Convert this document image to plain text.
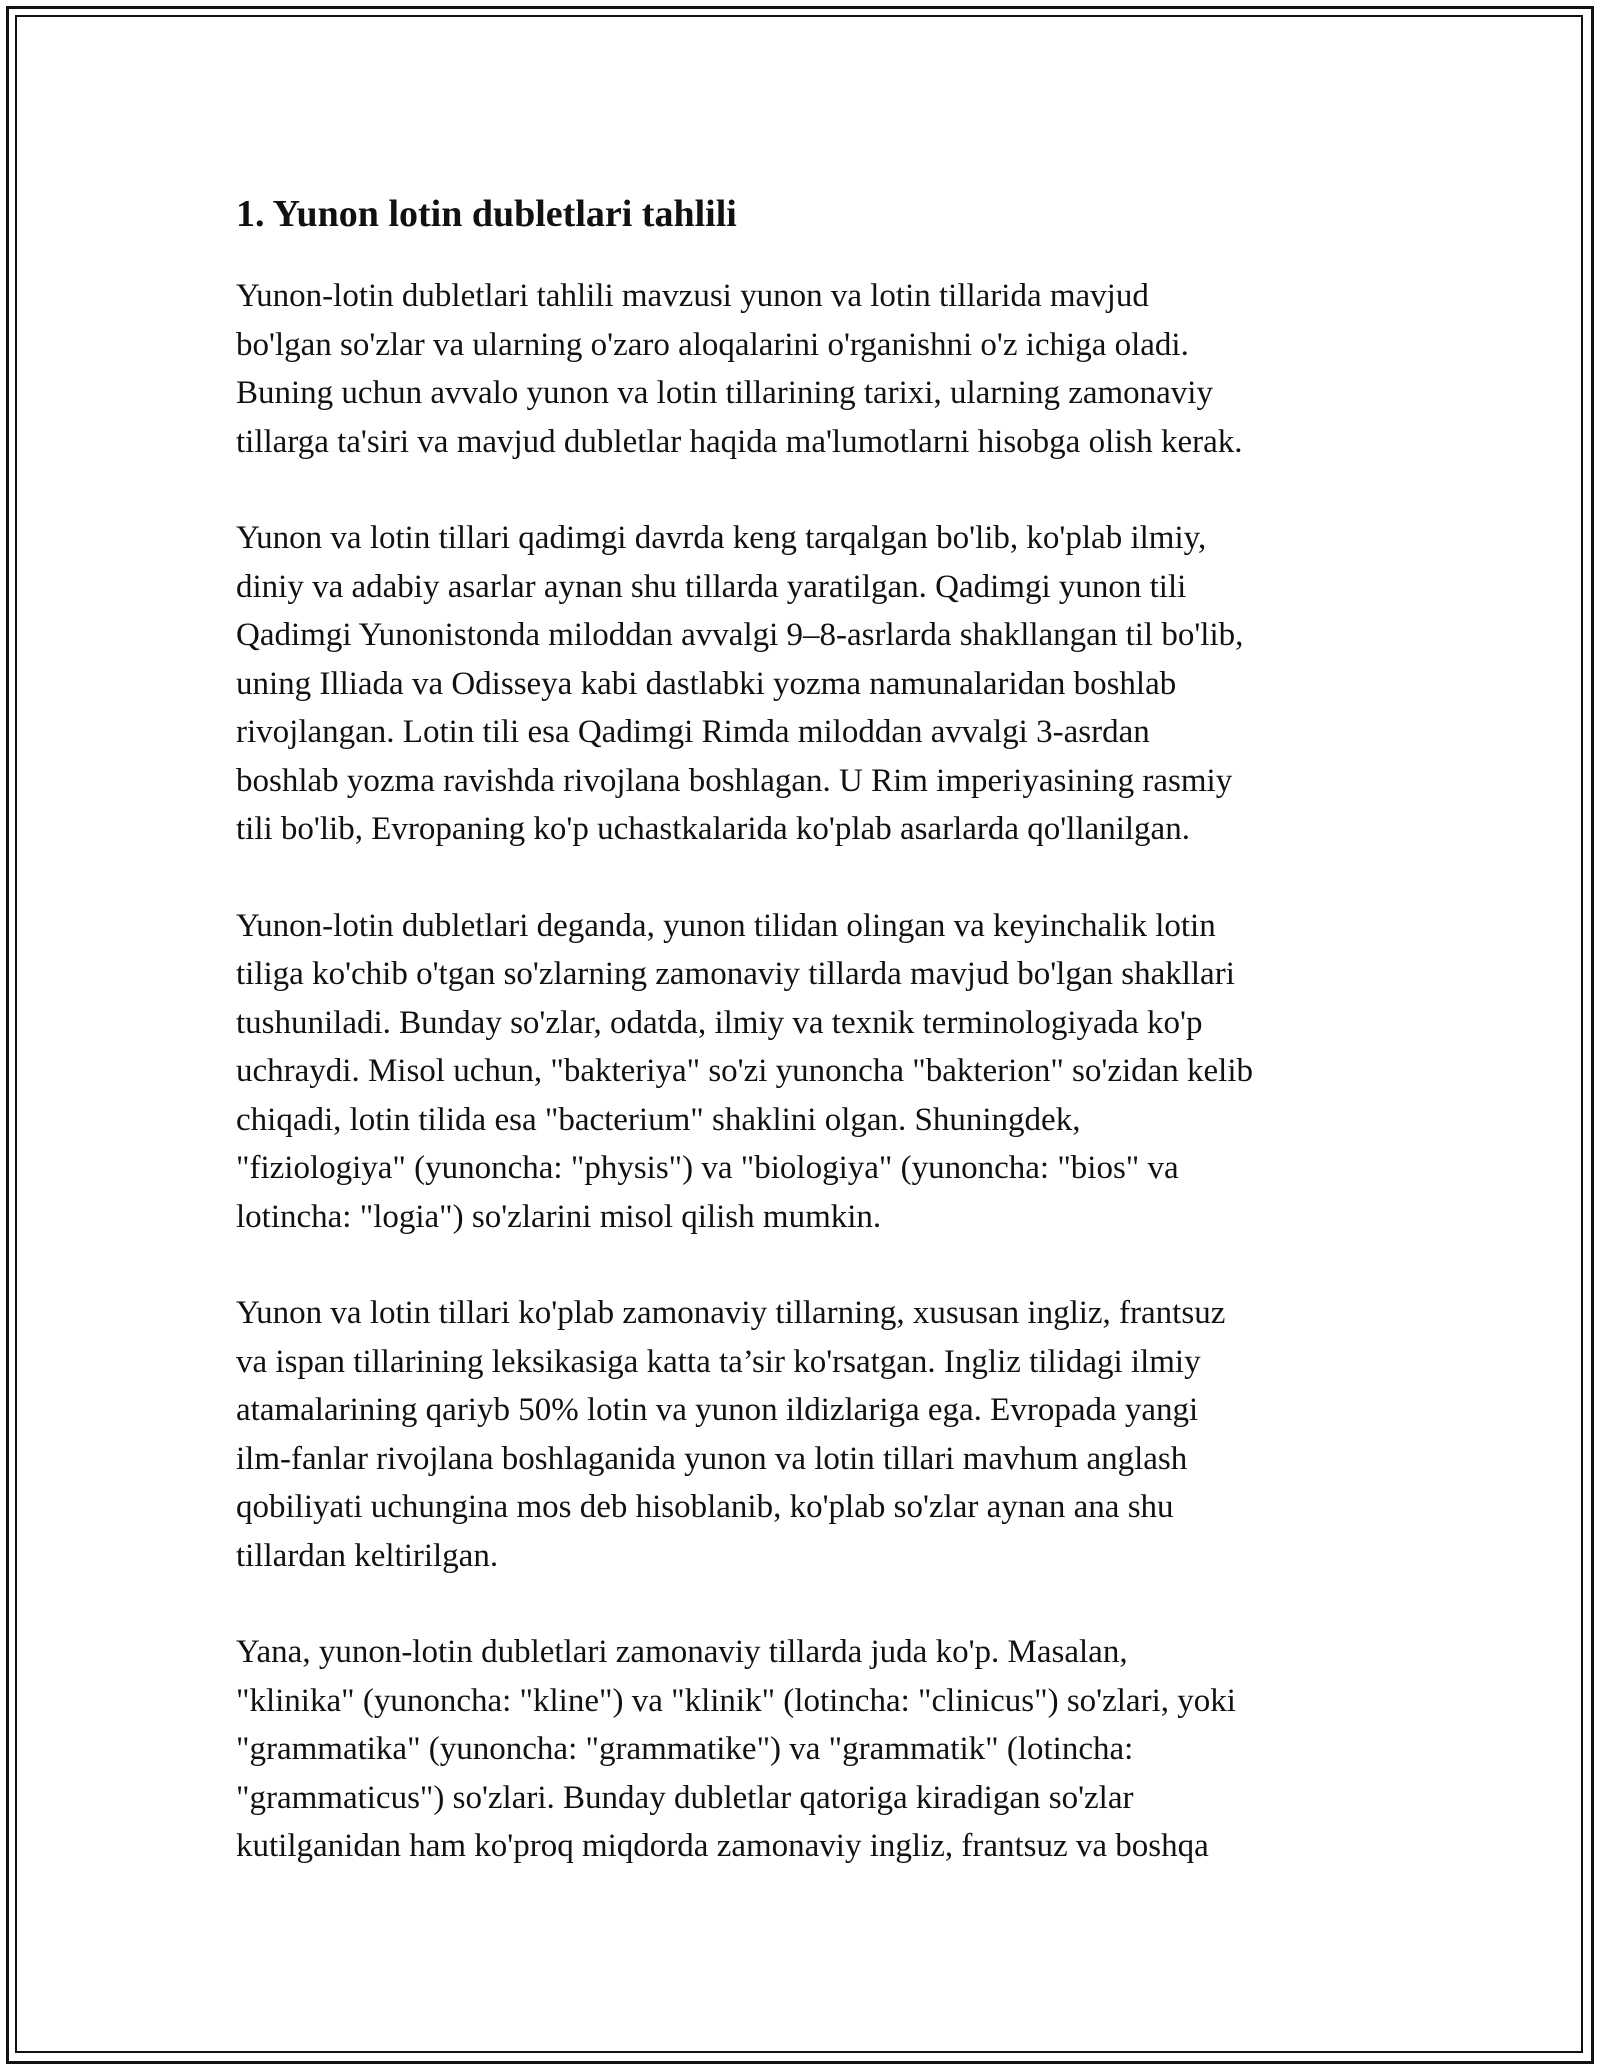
1. Yunon lotin dubletlari tahlili

Yunon-lotin dubletlari tahlili mavzusi yunon va lotin tillarida mavjud
bo'lgan so'zlar va ularning o'zaro aloqalarini o'rganishni o'z ichiga oladi.
Buning uchun avvalo yunon va lotin tillarining tarixi, ularning zamonaviy
tillarga ta'siri va mavjud dubletlar haqida ma'lumotlarni hisobga olish kerak.

Yunon va lotin tillari qadimgi davrda keng tarqalgan bo'lib, ko'plab ilmiy,
diniy va adabiy asarlar aynan shu tillarda yaratilgan. Qadimgi yunon tili
Qadimgi Yunonistonda miloddan avvalgi 9–8-asrlarda shakllangan til bo'lib,
uning Illiada va Odisseya kabi dastlabki yozma namunalaridan boshlab
rivojlangan. Lotin tili esa Qadimgi Rimda miloddan avvalgi 3-asrdan
boshlab yozma ravishda rivojlana boshlagan. U Rim imperiyasining rasmiy
tili bo'lib, Evropaning ko'p uchastkalarida ko'plab asarlarda qo'llanilgan.

Yunon-lotin dubletlari deganda, yunon tilidan olingan va keyinchalik lotin
tiliga ko'chib o'tgan so'zlarning zamonaviy tillarda mavjud bo'lgan shakllari
tushuniladi. Bunday so'zlar, odatda, ilmiy va texnik terminologiyada ko'p
uchraydi. Misol uchun, "bakteriya" so'zi yunoncha "bakterion" so'zidan kelib
chiqadi, lotin tilida esa "bacterium" shaklini olgan. Shuningdek,
"fiziologiya" (yunoncha: "physis") va "biologiya" (yunoncha: "bios" va
lotincha: "logia") so'zlarini misol qilish mumkin.

Yunon va lotin tillari ko'plab zamonaviy tillarning, xususan ingliz, frantsuz
va ispan tillarining leksikasiga katta ta’sir ko'rsatgan. Ingliz tilidagi ilmiy
atamalarining qariyb 50% lotin va yunon ildizlariga ega. Evropada yangi
ilm-fanlar rivojlana boshlaganida yunon va lotin tillari mavhum anglash
qobiliyati uchungina mos deb hisoblanib, ko'plab so'zlar aynan ana shu
tillardan keltirilgan.

Yana, yunon-lotin dubletlari zamonaviy tillarda juda ko'p. Masalan,
"klinika" (yunoncha: "kline") va "klinik" (lotincha: "clinicus") so'zlari, yoki
"grammatika" (yunoncha: "grammatike") va "grammatik" (lotincha:
"grammaticus") so'zlari. Bunday dubletlar qatoriga kiradigan so'zlar
kutilganidan ham ko'proq miqdorda zamonaviy ingliz, frantsuz va boshqa
